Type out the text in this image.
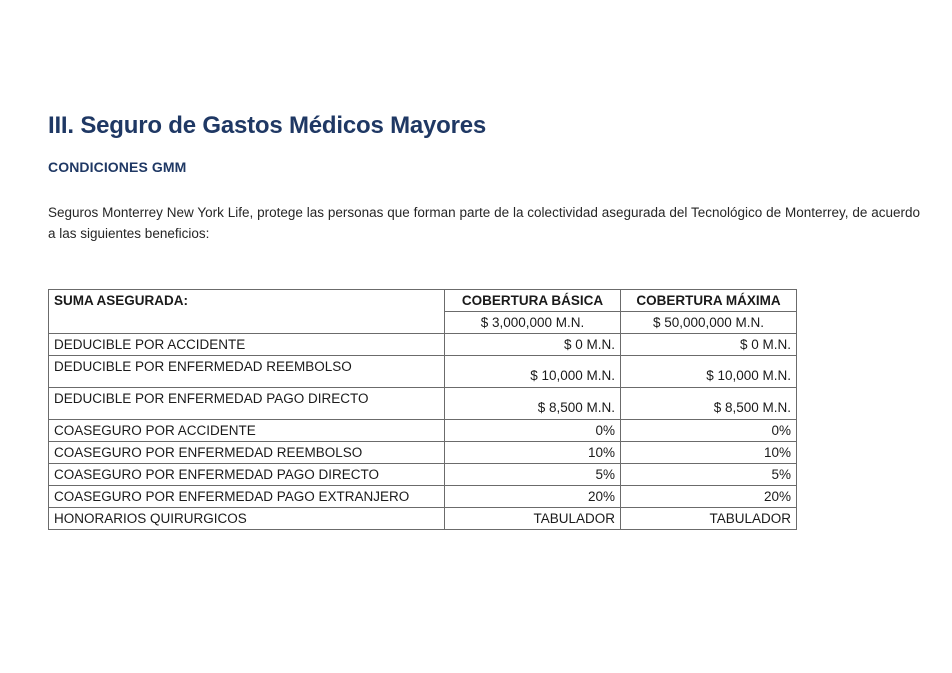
III. Seguro de Gastos Médicos Mayores
CONDICIONES GMM

Seguros Monterrey New York Life, protege las personas que forman parte de la colectividad asegurada del Tecnológico de Monterrey, de acuerdo a las siguientes beneficios:

SUMA ASEGURADA:	COBERTURA BÁSICA	COBERTURA MÁXIMA
	$ 3,000,000 M.N.	$ 50,000,000 M.N.
DEDUCIBLE POR ACCIDENTE	$ 0 M.N.	$ 0 M.N.
DEDUCIBLE POR ENFERMEDAD REEMBOLSO	$ 10,000 M.N.	$ 10,000 M.N.
DEDUCIBLE POR ENFERMEDAD PAGO DIRECTO	$ 8,500 M.N.	$ 8,500 M.N.
COASEGURO POR ACCIDENTE	0%	0%
COASEGURO POR ENFERMEDAD REEMBOLSO	10%	10%
COASEGURO POR ENFERMEDAD PAGO DIRECTO	5%	5%
COASEGURO POR ENFERMEDAD PAGO EXTRANJERO	20%	20%
HONORARIOS QUIRURGICOS	TABULADOR	TABULADOR
